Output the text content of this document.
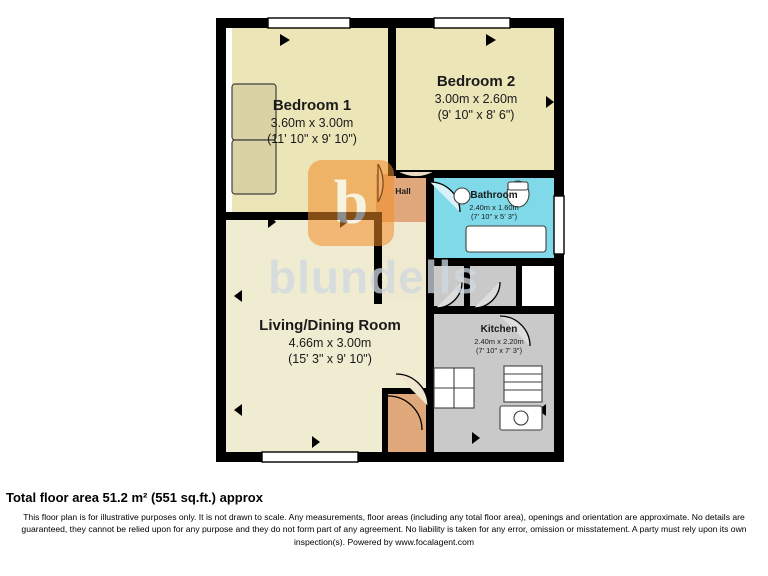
b
blundells
Bedroom 1
3.60m x 3.00m
(11' 10" x 9' 10")
Bedroom 2
3.00m x 2.60m
(9' 10" x 8' 6")
Hall	Bathroom
2.40m x 1.60m
(7' 10" x 5' 3")
Living/Dining Room
4.66m x 3.00m
(15' 3" x 9' 10")
Kitchen
2.40m x 2.20m
(7' 10" x 7' 3")
Total floor area 51.2 m² (551 sq.ft.) approx
This floor plan is for illustrative purposes only. It is not drawn to scale. Any measurements, floor areas (including any total floor area), openings and orientation are approximate. No details are guaranteed, they cannot be relied upon for any purpose and they do not form part of any agreement. No liability is taken for any error, omission or misstatement. A party must rely upon its own inspection(s). Powered by www.focalagent.com
